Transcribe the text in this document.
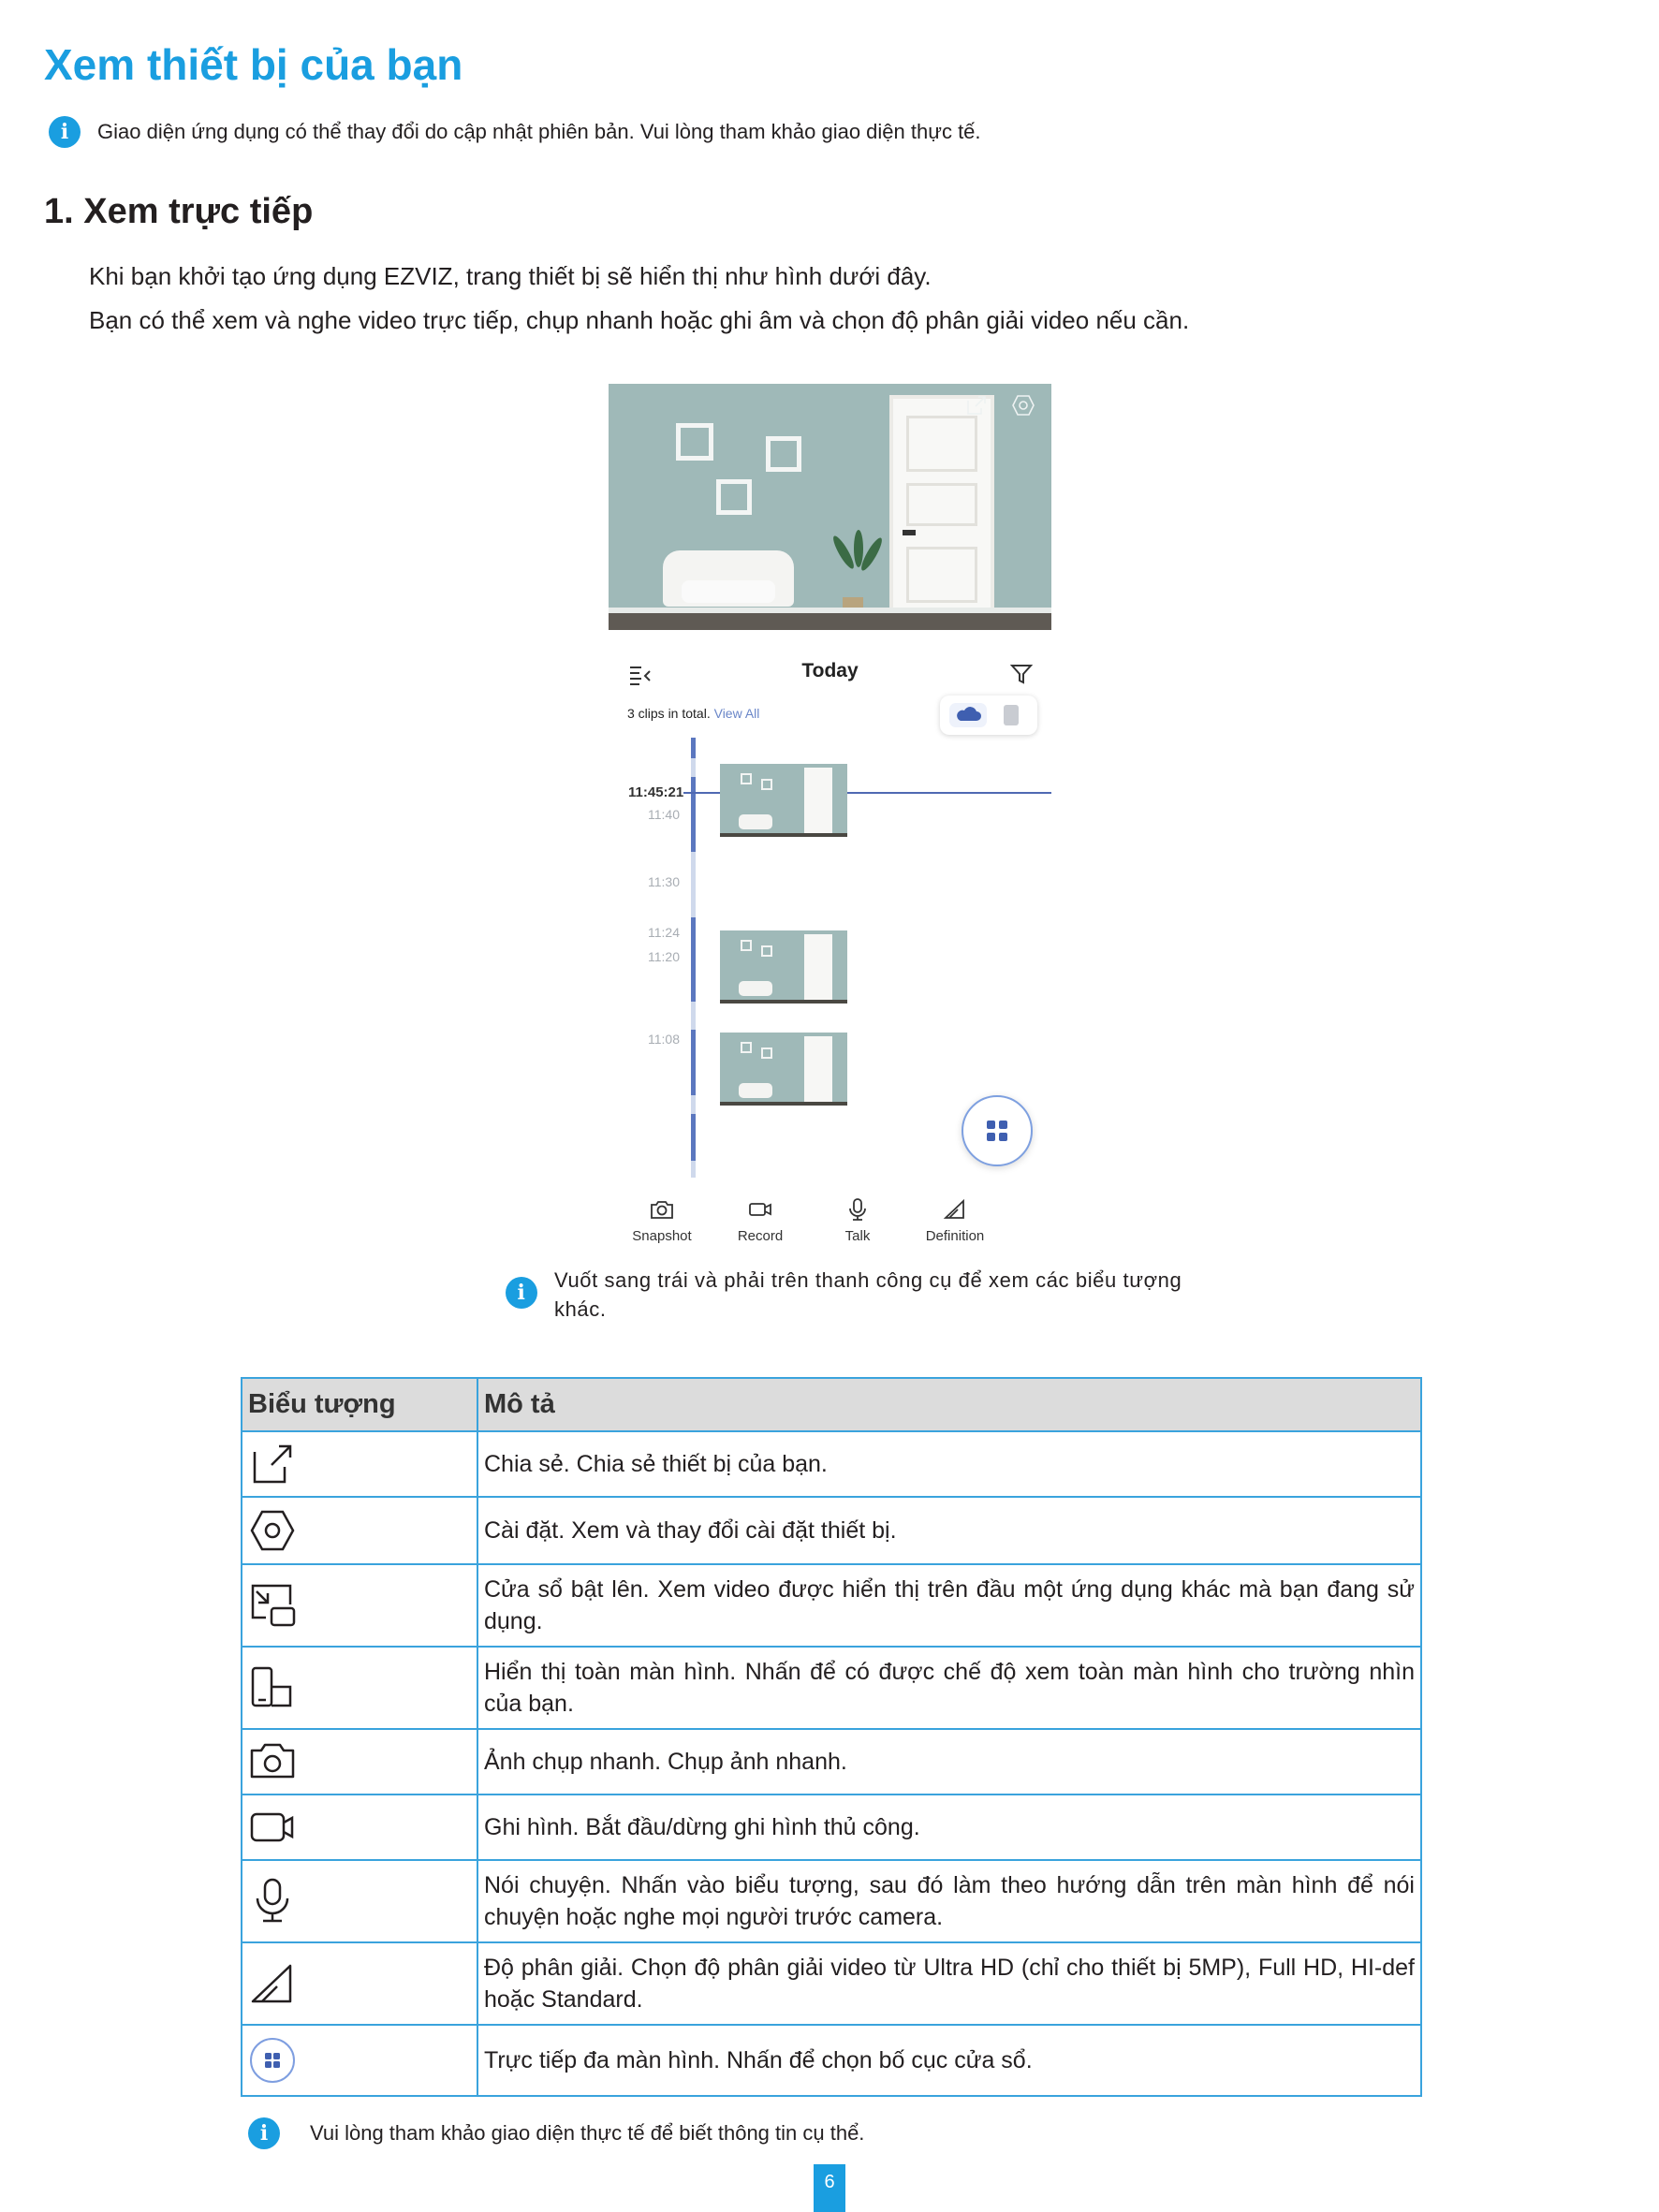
Xem thiết bị của bạn
i	Giao diện ứng dụng có thể thay đổi do cập nhật phiên bản. Vui lòng tham khảo giao diện thực tế.
1. Xem trực tiếp
Khi bạn khởi tạo ứng dụng EZVIZ, trang thiết bị sẽ hiển thị như hình dưới đây.
Bạn có thể xem và nghe video trực tiếp, chụp nhanh hoặc ghi âm và chọn độ phân giải video nếu cần.
Today
3 clips in total. View All
11:45:21
11:40
11:30
11:24
11:20
11:08
Snapshot	Record	Talk	Definition
i	Vuốt sang trái và phải trên thanh công cụ để xem các biểu tượng khác.
Biểu tượng	Mô tả

	Chia sẻ. Chia sẻ thiết bị của bạn.

	Cài đặt. Xem và thay đổi cài đặt thiết bị.

	Cửa sổ bật lên. Xem video được hiển thị trên đầu một ứng dụng khác mà bạn đang sử dụng.

	Hiển thị toàn màn hình. Nhấn để có được chế độ xem toàn màn hình cho trường nhìn của bạn.

	Ảnh chụp nhanh. Chụp ảnh nhanh.

	Ghi hình. Bắt đầu/dừng ghi hình thủ công.

	Nói chuyện. Nhấn vào biểu tượng, sau đó làm theo hướng dẫn trên màn hình để nói chuyện hoặc nghe mọi người trước camera.

	Độ phân giải. Chọn độ phân giải video từ Ultra HD (chỉ cho thiết bị 5MP), Full HD, HI-def hoặc Standard.

	Trực tiếp đa màn hình. Nhấn để chọn bố cục cửa sổ.
i	Vui lòng tham khảo giao diện thực tế để biết thông tin cụ thể.
6
